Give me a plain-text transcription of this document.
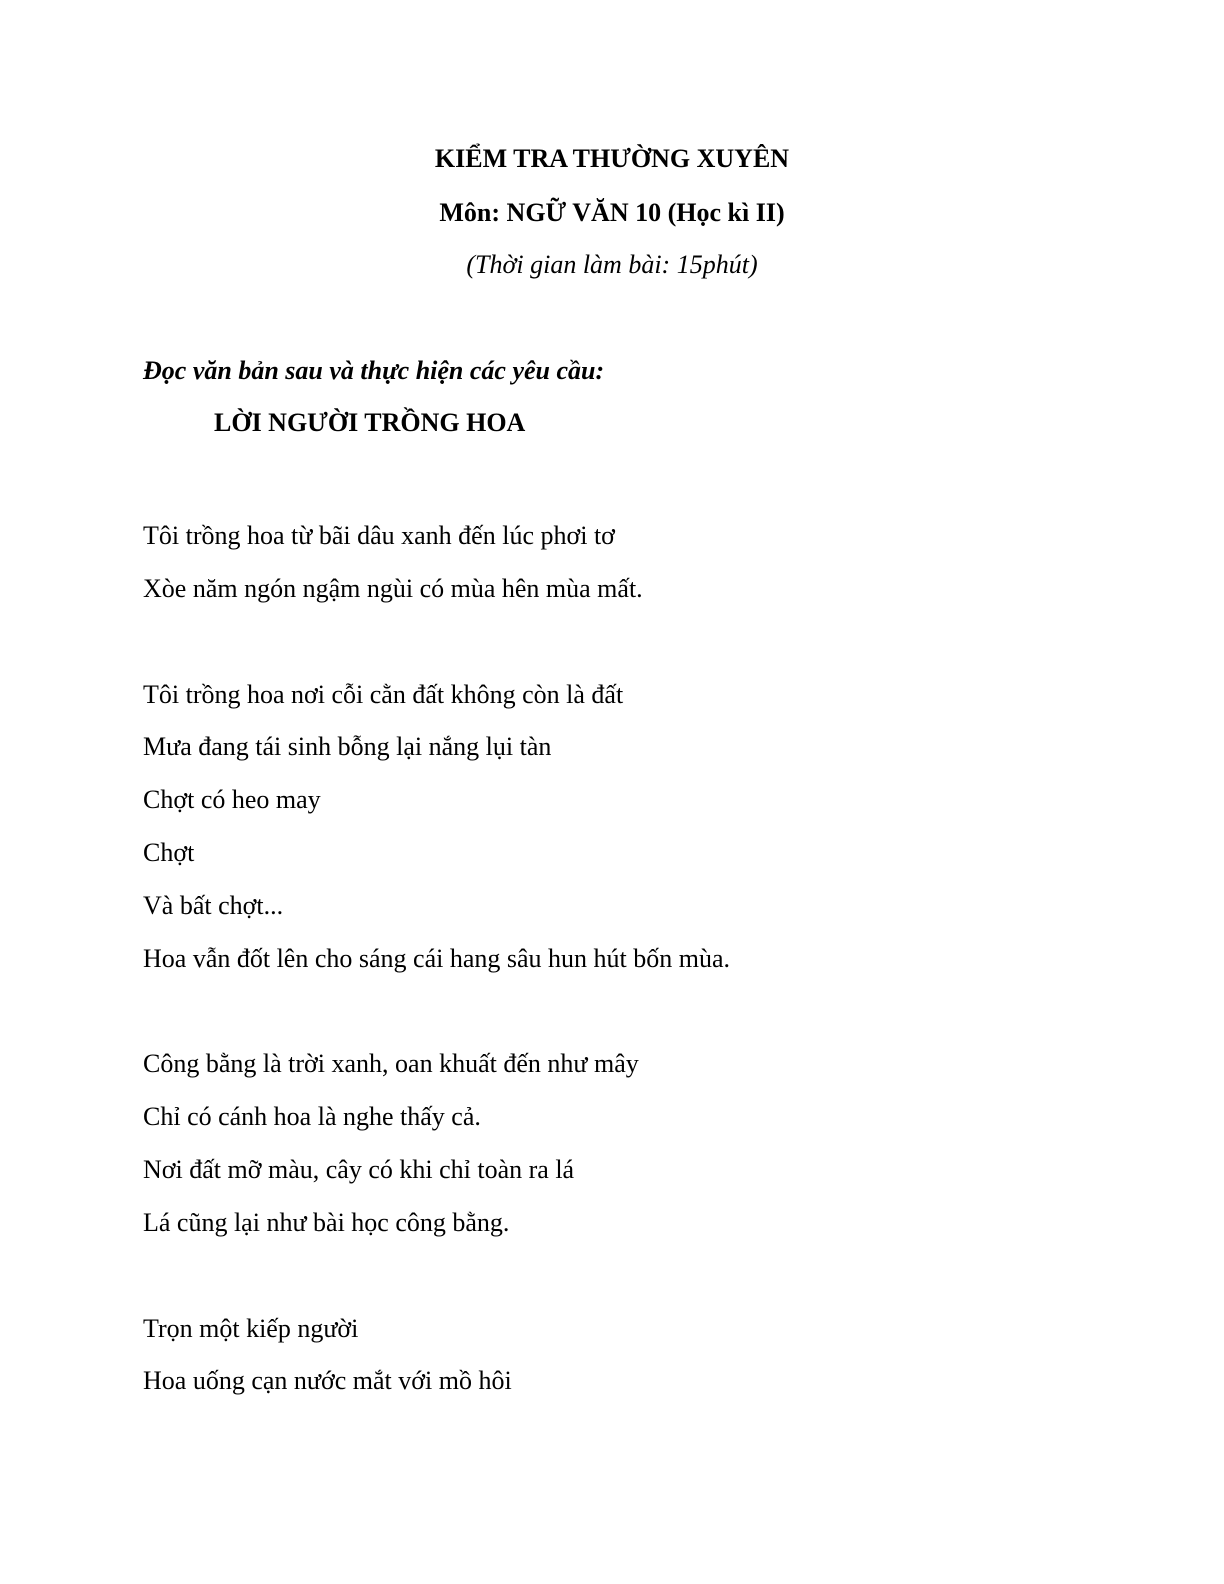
KIỂM TRA THƯỜNG XUYÊN
Môn: NGỮ VĂN 10 (Học kì II)
(Thời gian làm bài: 15phút)
Đọc văn bản sau và thực hiện các yêu cầu:
LỜI NGƯỜI TRỒNG HOA
Tôi trồng hoa từ bãi dâu xanh đến lúc phơi tơ
Xòe năm ngón ngậm ngùi có mùa hên mùa mất.
Tôi trồng hoa nơi cỗi cằn đất không còn là đất
Mưa đang tái sinh bỗng lại nắng lụi tàn
Chợt có heo may
Chợt
Và bất chợt...
Hoa vẫn đốt lên cho sáng cái hang sâu hun hút bốn mùa.
Công bằng là trời xanh, oan khuất đến như mây
Chỉ có cánh hoa là nghe thấy cả.
Nơi đất mỡ màu, cây có khi chỉ toàn ra lá
Lá cũng lại như bài học công bằng.
Trọn một kiếp người
Hoa uống cạn nước mắt với mồ hôi
